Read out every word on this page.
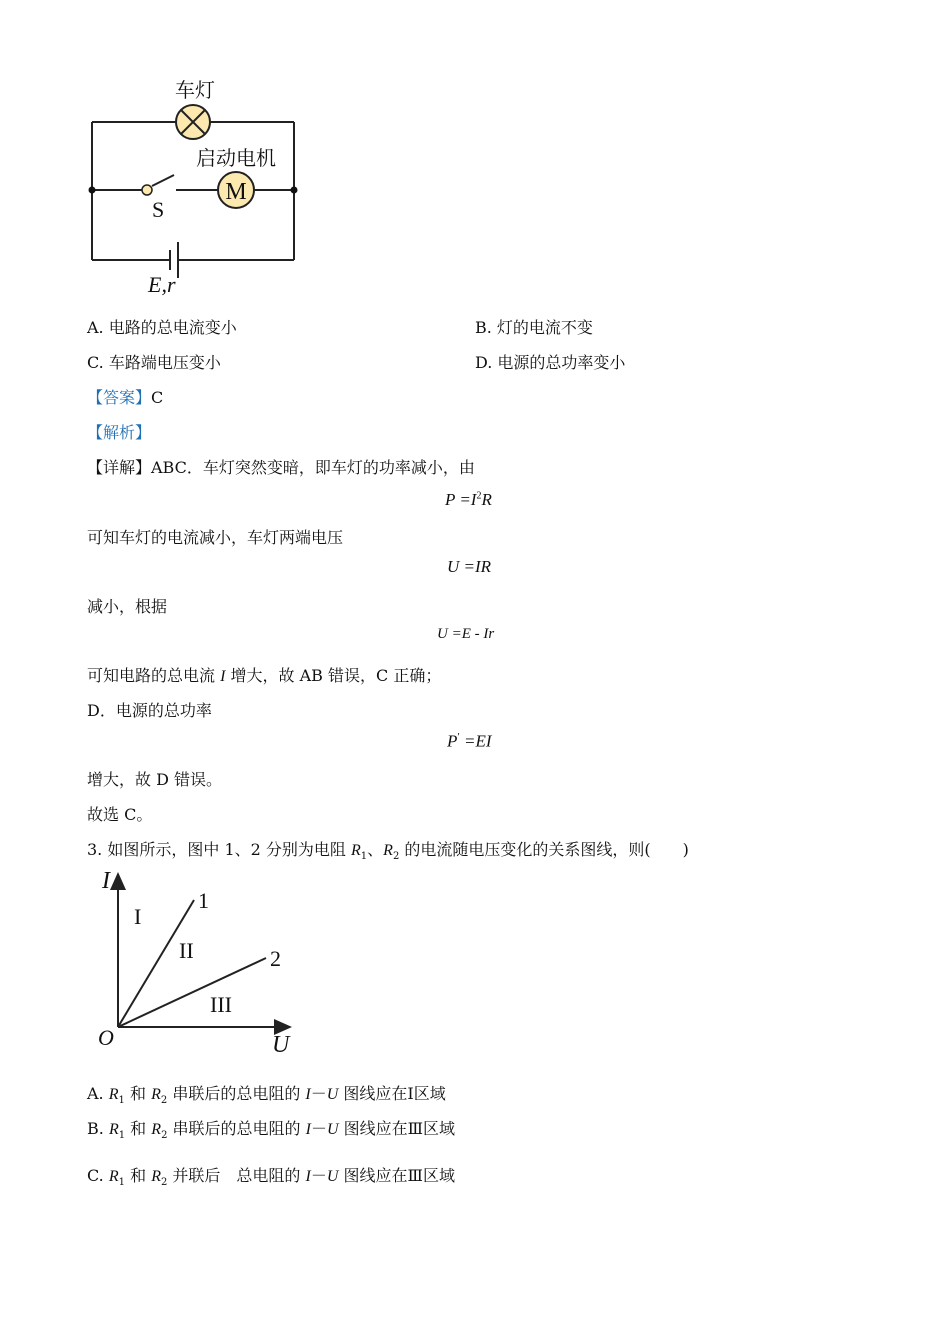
M
车灯
启动电机
S
E,r
A. 电路的总电流变小	B. 灯的电流不变
C. 车路端电压变小	D. 电源的总功率变小
【答案】C
【解析】
【详解】ABC．车灯突然变暗，即车灯的功率减小，由
$P =I^2R$
可知车灯的电流减小，车灯两端电压
U =IR
减小，根据
U =E - Ir
可知电路的总电流 I 增大，故 AB 错误，C 正确；
D．电源的总功率
P′ =EI
增大，故 D 错误。
故选 C。
3. 如图所示，图中 1、2 分别为电阻 $R_1$、$R_2$ 的电流随电压变化的关系图线，则(　　)
I
U
O
1
2
I
II
III
A. $R_1$ 和 $R_2$ 串联后的总电阻的 I－U 图线应在Ⅰ区域
B. $R_1$ 和 $R_2$ 串联后的总电阻的 I－U 图线应在Ⅲ区域
C. $R_1$ 和 $R_2$ 并联后　总电阻的 I－U 图线应在Ⅲ区域
